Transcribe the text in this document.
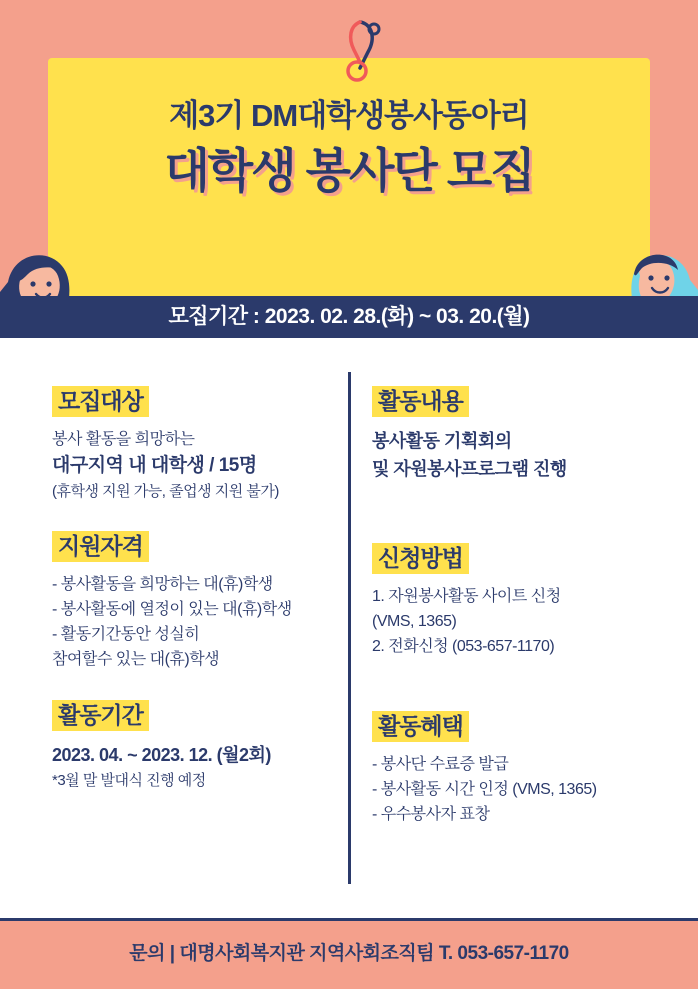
제3기 DM대학생봉사동아리
대학생 봉사단 모집
모집기간 : 2023. 02. 28.(화) ~ 03. 20.(월)
모집대상
봉사 활동을 희망하는
대구지역 내 대학생 / 15명
(휴학생 지원 가능, 졸업생 지원 불가)
지원자격
- 봉사활동을 희망하는 대(휴)학생
- 봉사활동에 열정이 있는 대(휴)학생
- 활동기간동안 성실히
참여할수 있는 대(휴)학생
활동기간
2023. 04. ~ 2023. 12. (월2회)
*3월 말 발대식 진행 예정
활동내용
봉사활동 기획회의
및 자원봉사프로그램 진행
신청방법
1. 자원봉사활동 사이트 신청
(VMS, 1365)
2. 전화신청 (053-657-1170)
활동혜택
- 봉사단 수료증 발급
- 봉사활동 시간 인정 (VMS, 1365)
- 우수봉사자 표창
문의 | 대명사회복지관 지역사회조직팀 T. 053-657-1170
